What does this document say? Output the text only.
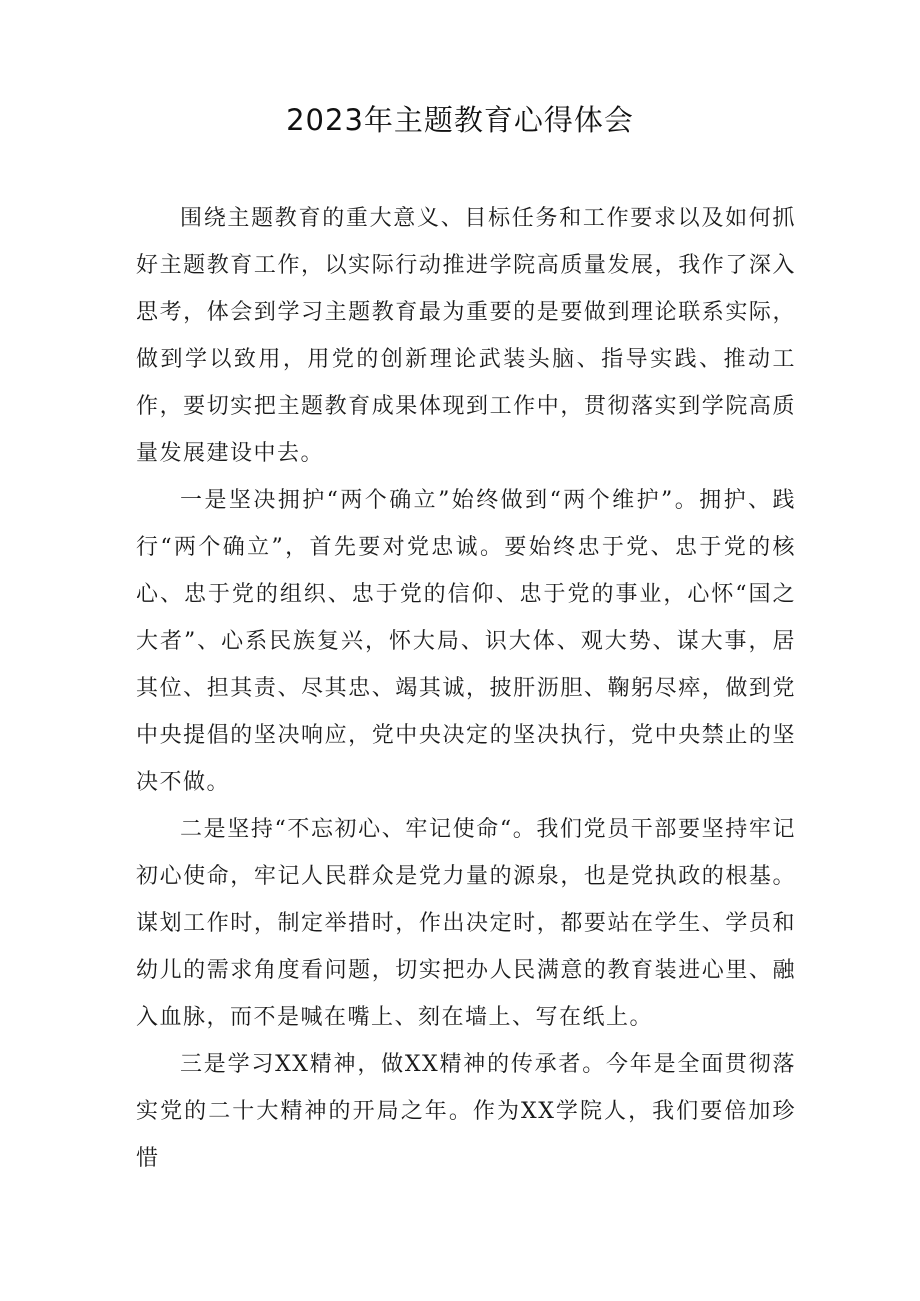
2023年主题教育心得体会

围绕主题教育的重大意义、目标任务和工作要求以及如何抓好主题教育工作，以实际行动推进学院高质量发展，我作了深入思考，体会到学习主题教育最为重要的是要做到理论联系实际，做到学以致用，用党的创新理论武装头脑、指导实践、推动工作，要切实把主题教育成果体现到工作中，贯彻落实到学院高质量发展建设中去。

一是坚决拥护“两个确立”始终做到“两个维护”。拥护、践行“两个确立”，首先要对党忠诚。要始终忠于党、忠于党的核心、忠于党的组织、忠于党的信仰、忠于党的事业，心怀“国之大者”、心系民族复兴，怀大局、识大体、观大势、谋大事，居其位、担其责、尽其忠、竭其诚，披肝沥胆、鞠躬尽瘁，做到党中央提倡的坚决响应，党中央决定的坚决执行，党中央禁止的坚决不做。

二是坚持“不忘初心、牢记使命“。我们党员干部要坚持牢记初心使命，牢记人民群众是党力量的源泉，也是党执政的根基。谋划工作时，制定举措时，作出决定时，都要站在学生、学员和幼儿的需求角度看问题，切实把办人民满意的教育装进心里、融入血脉，而不是喊在嘴上、刻在墙上、写在纸上。

三是学习XX精神，做XX精神的传承者。今年是全面贯彻落实党的二十大精神的开局之年。作为XX学院人，我们要倍加珍惜
